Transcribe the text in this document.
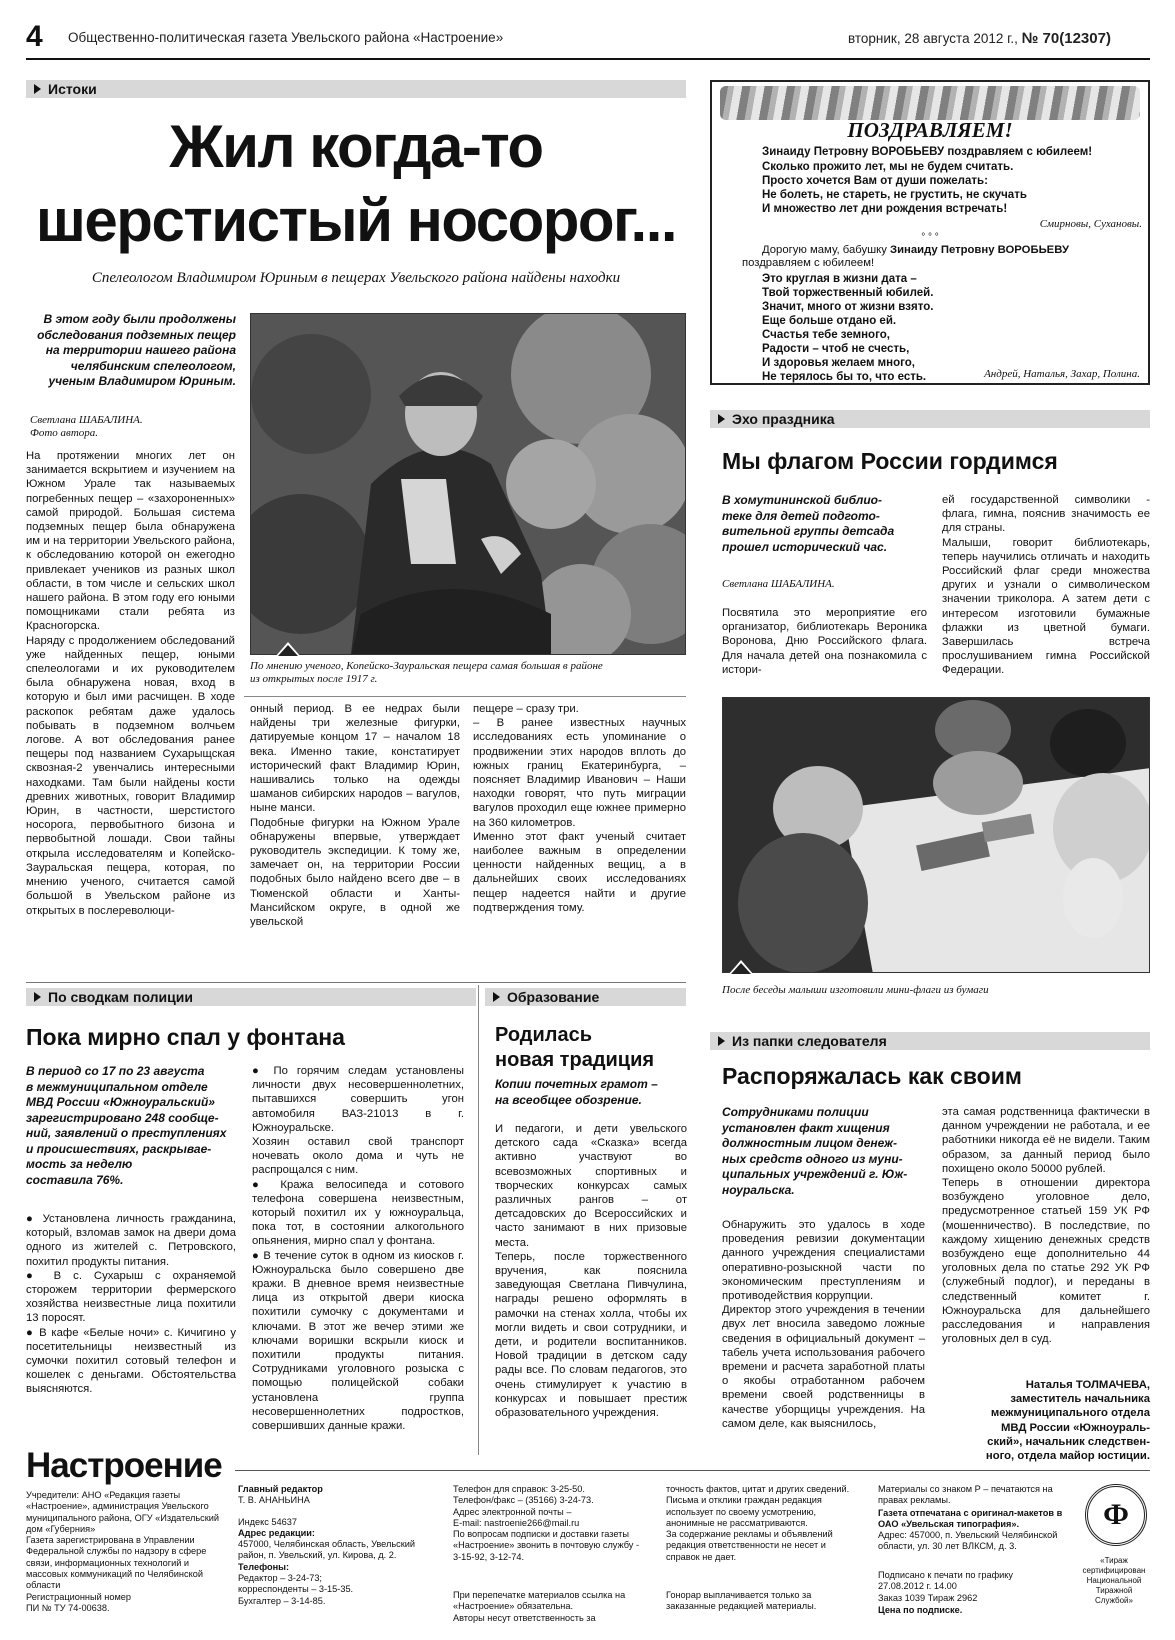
4 Общественно-политическая газета Увельского района «Настроение»	вторник, 28 августа 2012 г., № 70(12307)
Истоки
Жил когда-то
шерстистый носорог...
Спелеологом Владимиром Юриным в пещерах Увельского района найдены находки
В этом году были продолжены
обследования подземных пещер
на территории нашего района
челябинским спелеологом,
ученым Владимиром Юриным.
Светлана ШАБАЛИНА.
Фото автора.
На протяжении многих лет он занимается вскрытием и изучением на Южном Урале так называемых погребенных пещер – «захороненных» самой природой. Большая система подземных пещер была обнаружена им и на территории Увельского района, к обследованию которой он ежегодно привлекает учеников из разных школ области, в том числе и сельских школ нашего района. В этом году его юными помощниками стали ребята из Красногорска.
Наряду с продолжением обследований уже найденных пещер, юными спелеологами и их руководителем была обнаружена новая, вход в которую и был ими расчищен. В ходе раскопок ребятам даже удалось побывать в подземном волчьем логове. А вот обследования ранее пещеры под названием Сухарыщская сквозная-2 увенчались интересными находками. Там были найдены кости древних животных, говорит Владимир Юрин, в частности, шерстистого носорога, первобытного бизона и первобытной лошади. Свои тайны открыла исследователям и Копейско-Зауральская пещера, которая, по мнению ученого, считается самой большой в Увельском районе из открытых в послереволюци-
По мнению ученого, Копейско-Зауральская пещера самая большая в районе
из открытых после 1917 г.
онный период. В ее недрах были найдены три железные фигурки, датируемые концом 17 – началом 18 века. Именно такие, констатирует исторический факт Владимир Юрин, нашивались только на одежды шаманов сибирских народов – вагулов, ныне манси.
Подобные фигурки на Южном Урале обнаружены впервые, утверждает руководитель экспедиции. К тому же, замечает он, на территории России подобных было найдено всего две – в Тюменской области и Ханты-Мансийском округе, в одной же увельской
пещере – сразу три.
– В ранее известных научных исследованиях есть упоминание о продвижении этих народов вплоть до южных границ Екатеринбурга, – поясняет Владимир Иванович – Наши находки говорят, что путь миграции вагулов проходил еще южнее примерно на 360 километров.
Именно этот факт ученый считает наиболее важным в определении ценности найденных вещиц, а в дальнейших своих исследованиях пещер надеется найти и другие подтверждения тому.
ПОЗДРАВЛЯЕМ!
Зинаиду Петровну ВОРОБЬЕВУ поздравляем с юбилеем!
Сколько прожито лет, мы не будем считать.
Просто хочется Вам от души пожелать:
Не болеть, не стареть, не грустить, не скучать
И множество лет дни рождения встречать!
Смирновы, Сухановы.
° ° °
Дорогую маму, бабушку Зинаиду Петровну ВОРОБЬЕВУ
поздравляем с юбилеем!
Это круглая в жизни дата –
Твой торжественный юбилей.
Значит, много от жизни взято.
Еще больше отдано ей.
Счастья тебе земного,
Радости – чтоб не счесть,
И здоровья желаем много,
Не терялось бы то, что есть.	Андрей, Наталья, Захар, Полина.
Эхо праздника
Мы флагом России гордимся
В хомутининской библио-
теке для детей подгото-
вительной группы детсада
прошел исторический час.
Светлана ШАБАЛИНА.
Посвятила это мероприятие его организатор, библиотекарь Вероника Воронова, Дню Российского флага. Для начала детей она познакомила с истори-
ей государственной символики - флага, гимна, пояснив значимость ее для страны.
Малыши, говорит библиотекарь, теперь научились отличать и находить Российский флаг среди множества других и узнали о символическом значении триколора. А затем дети с интересом изготовили бумажные флажки из цветной бумаги. Завершилась встреча прослушиванием гимна Российской Федерации.
После беседы малыши изготовили мини-флаги из бумаги
По сводкам полиции
Пока мирно спал у фонтана
В период со 17 по 23 августа
в межмуниципальном отделе
МВД России «Южноуральский»
зарегистрировано 248 сообще-
ний, заявлений о преступлениях
и происшествиях, раскрывае-
мость за неделю
составила 76%.
● Установлена личность гражданина, который, взломав замок на двери дома одного из жителей с. Петровского, похитил продукты питания.
● В с. Сухарыш с охраняемой сторожем территории фермерского хозяйства неизвестные лица похитили 13 поросят.
● В кафе «Белые ночи» с. Кичигино у посетительницы неизвестный из сумочки похитил сотовый телефон и кошелек с деньгами. Обстоятельства выясняются.
● По горячим следам установлены личности двух несовершеннолетних, пытавшихся совершить угон автомобиля ВАЗ-21013 в г. Южноуральске.
Хозяин оставил свой транспорт ночевать около дома и чуть не распрощался с ним.
● Кража велосипеда и сотового телефона совершена неизвестным, который похитил их у южноуральца, пока тот, в состоянии алкогольного опьянения, мирно спал у фонтана.
● В течение суток в одном из киосков г. Южноуральска было совершено две кражи. В дневное время неизвестные лица из открытой двери киоска похитили сумочку с документами и ключами. В этот же вечер этими же ключами воришки вскрыли киоск и похитили продукты питания. Сотрудниками уголовного розыска с помощью полицейской собаки установлена группа несовершеннолетних подростков, совершивших данные кражи.
Образование
Родилась
новая традиция
Копии почетных грамот –
на всеобщее обозрение.
И педагоги, и дети увельского детского сада «Сказка» всегда активно участвуют во всевозможных спортивных и творческих конкурсах самых различных рангов – от детсадовских до Всероссийских и часто занимают в них призовые места.
Теперь, после торжественного вручения, как пояснила заведующая Светлана Пивчулина, награды решено оформлять в рамочки на стенах холла, чтобы их могли видеть и свои сотрудники, и дети, и родители воспитанников. Новой традиции в детском саду рады все. По словам педагогов, это очень стимулирует к участию в конкурсах и повышает престиж образовательного учреждения.
Из папки следователя
Распоряжалась как своим
Сотрудниками полиции
установлен факт хищения
должностным лицом денеж-
ных средств одного из муни-
ципальных учреждений г. Юж-
ноуральска.
Обнаружить это удалось в ходе проведения ревизии документации данного учреждения специалистами оперативно-розыскной части по экономическим преступлениям и противодействия коррупции.
Директор этого учреждения в течении двух лет вносила заведомо ложные сведения в официальный документ – табель учета использования рабочего времени и расчета заработной платы о якобы отработанном рабочем времени своей родственницы в качестве уборщицы учреждения. На самом деле, как выяснилось,
эта самая родственница фактически в данном учреждении не работала, и ее работники никогда её не видели. Таким образом, за данный период было похищено около 50000 рублей.
Теперь в отношении директора возбуждено уголовное дело, предусмотренное статьей 159 УК РФ (мошенничество). В последствие, по каждому хищению денежных средств возбуждено еще дополнительно 44 уголовных дела по статье 292 УК РФ (служебный подлог), и переданы в следственный комитет г. Южноуральска для дальнейшего расследования и направления уголовных дел в суд.
Наталья ТОЛМАЧЕВА,
заместитель начальника
межмуниципального отдела
МВД России «Южноураль-
ский», начальник следствен-
ного, отдела майор юстиции.
Настроение
Учредители: АНО «Редакция газеты «Настроение», администрация Увельского муниципального района, ОГУ «Издательский дом «Губерния»
Газета зарегистрирована в Управлении Федеральной службы по надзору в сфере связи, информационных технологий и массовых коммуникаций по Челябинской области
Регистрационный номер
ПИ № ТУ 74-00638.
Главный редактор
Т. В. АНАНЬИНА
Индекс 54637
Адрес редакции:
457000, Челябинская область, Увельский район, п. Увельский, ул. Кирова, д. 2.
Телефоны:
Редактор – 3-24-73;
корреспонденты – 3-15-35.
Бухгалтер – 3-14-85.
Телефон для справок: 3-25-50.
Телефон/факс – (35166) 3-24-73.
Адрес электронной почты –
E-mail: nastroenie266@mail.ru
По вопросам подписки и доставки газеты «Настроение» звонить в почтовую службу - 3-15-92, 3-12-74.
При перепечатке материалов ссылка на «Настроение» обязательна.
Авторы несут ответственность за
точность фактов, цитат и других сведений.
Письма и отклики граждан редакция использует по своему усмотрению, анонимные не рассматриваются.
За содержание рекламы и объявлений редакция ответственности не несет и справок не дает.
Гонорар выплачивается только за заказанные редакцией материалы.
Материалы со знаком Р – печатаются на правах рекламы.
Газета отпечатана с оригинал-макетов в ОАО «Увельская типография».
Адрес: 457000, п. Увельский Челябинской области, ул. 30 лет ВЛКСМ, д. 3.
Подписано к печати по графику
27.08.2012 г. 14.00
Заказ 1039 Тираж 2962
Цена по подписке.
Ф
«Тираж сертифицирован
Национальной
Тиражной
Службой»
